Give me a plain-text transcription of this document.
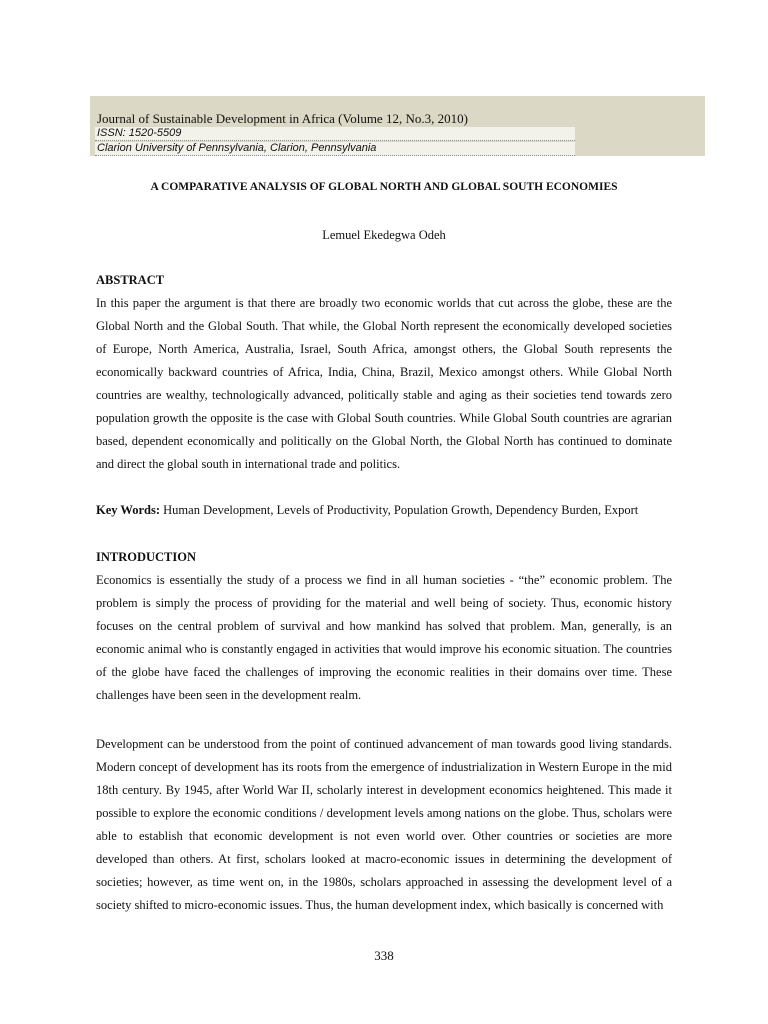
Journal of Sustainable Development in Africa (Volume 12, No.3, 2010)
ISSN: 1520-5509
Clarion University of Pennsylvania, Clarion, Pennsylvania
A COMPARATIVE ANALYSIS OF GLOBAL NORTH AND GLOBAL SOUTH ECONOMIES
Lemuel Ekedegwa Odeh
ABSTRACT

In this paper the argument is that there are broadly two economic worlds that cut across the globe, these are the Global North and the Global South. That while, the Global North represent the economically developed societies of Europe, North America, Australia, Israel, South Africa, amongst others, the Global South represents the economically backward countries of Africa, India, China, Brazil, Mexico amongst others. While Global North countries are wealthy, technologically advanced, politically stable and aging as their societies tend towards zero population growth the opposite is the case with Global South countries. While Global South countries are agrarian based, dependent economically and politically on the Global North, the Global North has continued to dominate and direct the global south in international trade and politics.

Key Words: Human Development, Levels of Productivity, Population Growth, Dependency Burden, Export
INTRODUCTION

Economics is essentially the study of a process we find in all human societies - “the” economic problem. The problem is simply the process of providing for the material and well being of society. Thus, economic history focuses on the central problem of survival and how mankind has solved that problem. Man, generally, is an economic animal who is constantly engaged in activities that would improve his economic situation. The countries of the globe have faced the challenges of improving the economic realities in their domains over time. These challenges have been seen in the development realm.

Development can be understood from the point of continued advancement of man towards good living standards. Modern concept of development has its roots from the emergence of industrialization in Western Europe in the mid 18th century. By 1945, after World War II, scholarly interest in development economics heightened. This made it possible to explore the economic conditions / development levels among nations on the globe. Thus, scholars were able to establish that economic development is not even world over. Other countries or societies are more developed than others. At first, scholars looked at macro-economic issues in determining the development of societies; however, as time went on, in the 1980s, scholars approached in assessing the development level of a society shifted to micro-economic issues. Thus, the human development index, which basically is concerned with

338
